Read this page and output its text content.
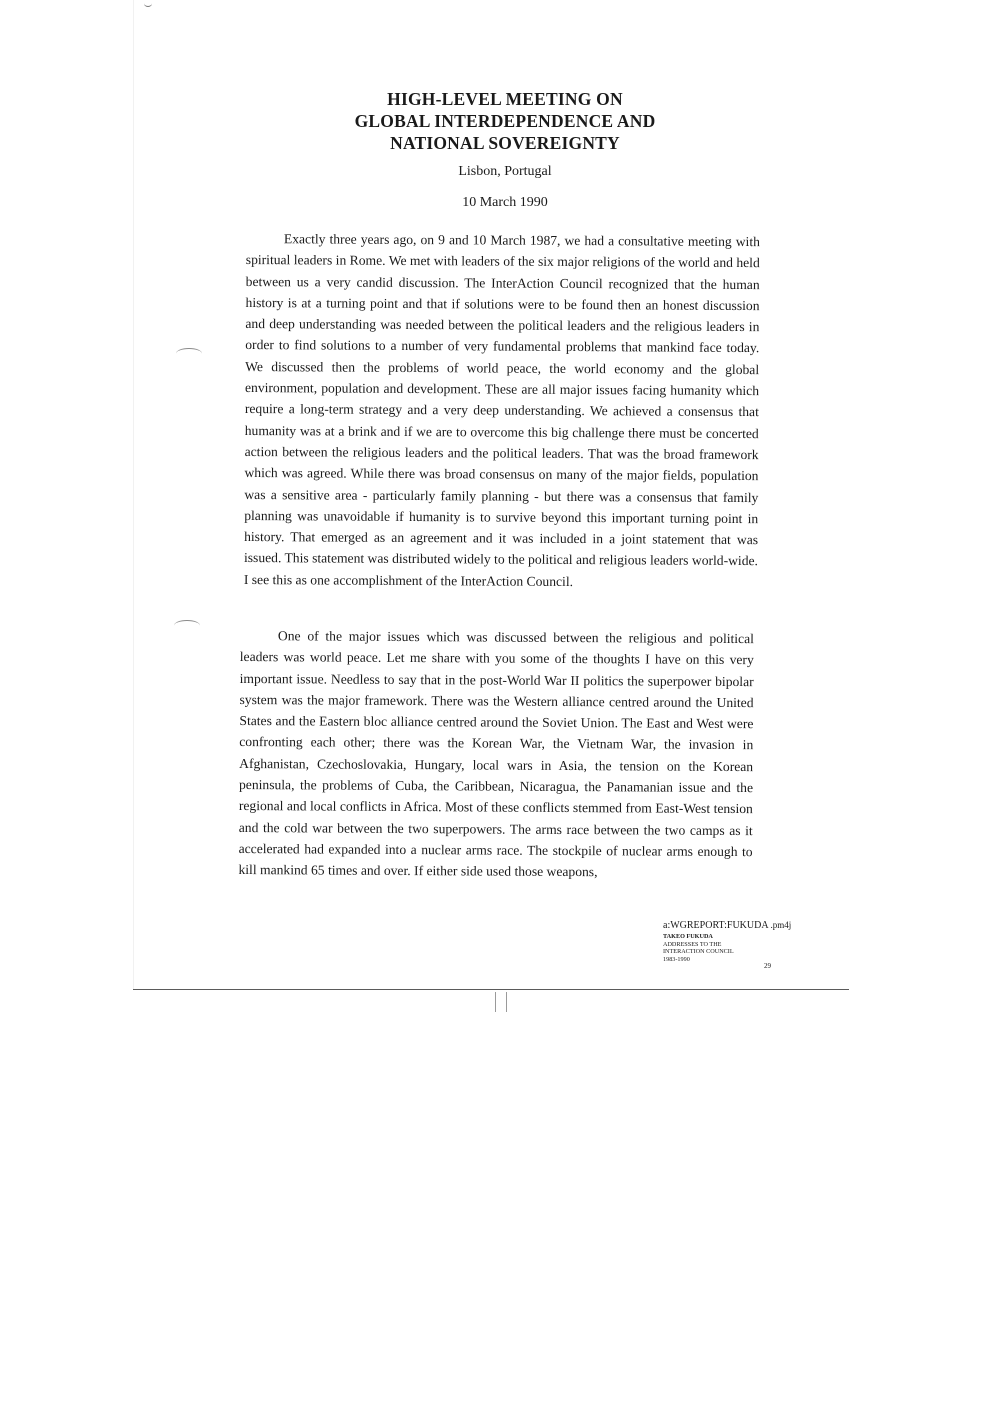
HIGH-LEVEL MEETING ON
GLOBAL INTERDEPENDENCE AND
NATIONAL SOVEREIGNTY
Lisbon, Portugal
10 March 1990

Exactly three years ago, on 9 and 10 March 1987, we had a consultative meeting with spiritual leaders in Rome. We met with leaders of the six major religions of the world and held between us a very candid discussion. The InterAction Council recognized that the human history is at a turning point and that if solutions were to be found then an honest discussion and deep understanding was needed between the political leaders and the religious leaders in order to find solutions to a number of very fundamental problems that mankind face today. We discussed then the problems of world peace, the world economy and the global environment, population and development. These are all major issues facing humanity which require a long-term strategy and a very deep understanding. We achieved a consensus that humanity was at a brink and if we are to overcome this big challenge there must be concerted action between the religious leaders and the political leaders. That was the broad framework which was agreed. While there was broad consensus on many of the major fields, population was a sensitive area - particularly family planning - but there was a consensus that family planning was unavoidable if humanity is to survive beyond this important turning point in history. That emerged as an agreement and it was included in a joint statement that was issued. This statement was distributed widely to the political and religious leaders world-wide. I see this as one accomplishment of the InterAction Council.

One of the major issues which was discussed between the religious and political leaders was world peace. Let me share with you some of the thoughts I have on this very important issue. Needless to say that in the post-World War II politics the superpower bipolar system was the major framework. There was the Western alliance centred around the United States and the Eastern bloc alliance centred around the Soviet Union. The East and West were confronting each other; there was the Korean War, the Vietnam War, the invasion in Afghanistan, Czechoslovakia, Hungary, local wars in Asia, the tension on the Korean peninsula, the problems of Cuba, the Caribbean, Nicaragua, the Panamanian issue and the regional and local conflicts in Africa. Most of these conflicts stemmed from East-West tension and the cold war between the two superpowers. The arms race between the two camps as it accelerated had expanded into a nuclear arms race. The stockpile of nuclear arms enough to kill mankind 65 times and over. If either side used those weapons,

a:WGREPORT:FUKUDA .pm4j
TAKEO FUKUDA
ADDRESSES TO THE
INTERACTION COUNCIL
1983-1990
29
